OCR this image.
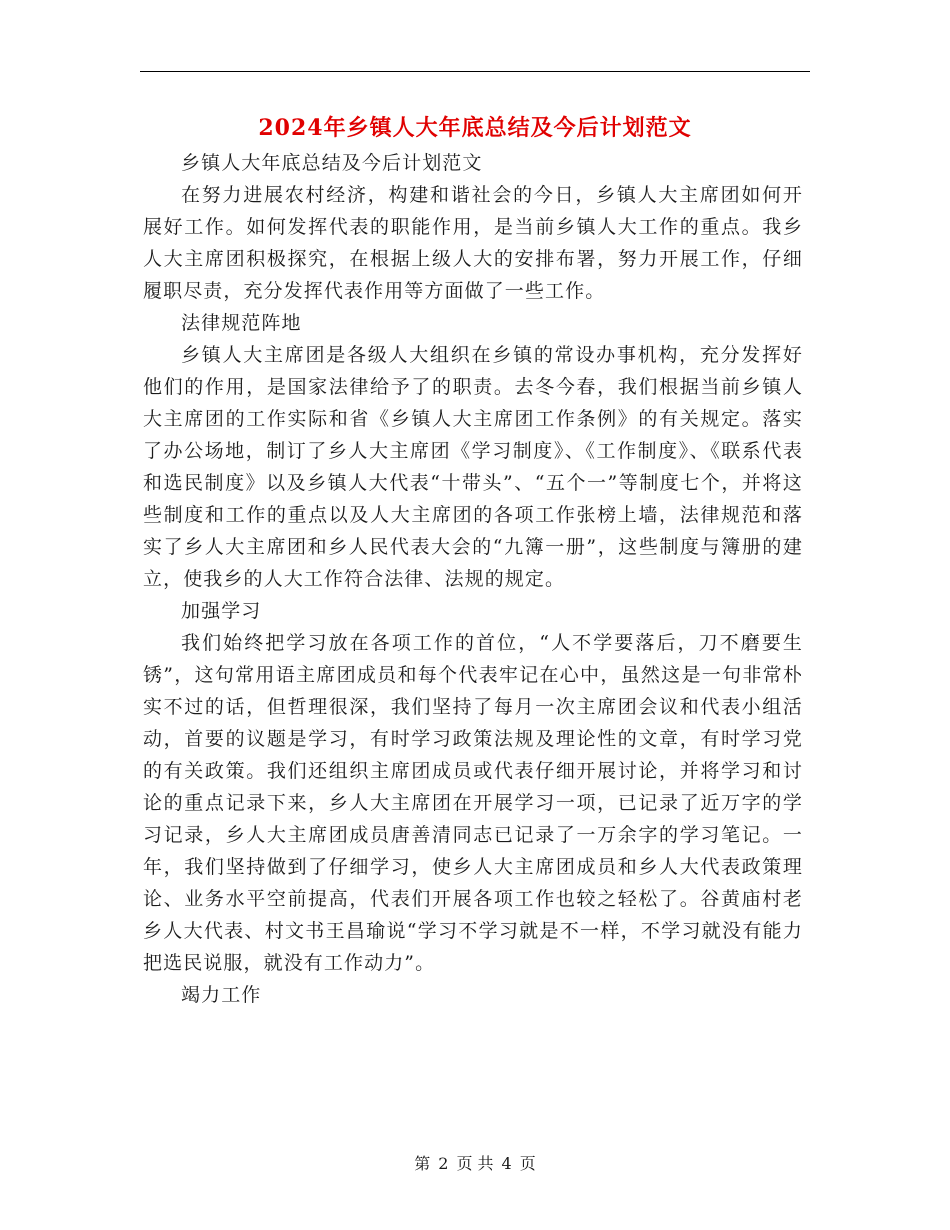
2024年乡镇人大年底总结及今后计划范文

乡镇人大年底总结及今后计划范文

在努力进展农村经济，构建和谐社会的今日，乡镇人大主席团如何开展好工作。如何发挥代表的职能作用，是当前乡镇人大工作的重点。我乡人大主席团积极探究，在根据上级人大的安排布署，努力开展工作，仔细履职尽责，充分发挥代表作用等方面做了一些工作。

法律规范阵地

乡镇人大主席团是各级人大组织在乡镇的常设办事机构，充分发挥好他们的作用，是国家法律给予了的职责。去冬今春，我们根据当前乡镇人大主席团的工作实际和省《乡镇人大主席团工作条例》的有关规定。落实了办公场地，制订了乡人大主席团《学习制度》、《工作制度》、《联系代表和选民制度》以及乡镇人大代表“十带头”、“五个一”等制度七个，并将这些制度和工作的重点以及人大主席团的各项工作张榜上墙，法律规范和落实了乡人大主席团和乡人民代表大会的“九簿一册”，这些制度与簿册的建立，使我乡的人大工作符合法律、法规的规定。

加强学习

我们始终把学习放在各项工作的首位，“人不学要落后，刀不磨要生锈”，这句常用语主席团成员和每个代表牢记在心中，虽然这是一句非常朴实不过的话，但哲理很深，我们坚持了每月一次主席团会议和代表小组活动，首要的议题是学习，有时学习政策法规及理论性的文章，有时学习党的有关政策。我们还组织主席团成员或代表仔细开展讨论，并将学习和讨论的重点记录下来，乡人大主席团在开展学习一项，已记录了近万字的学习记录，乡人大主席团成员唐善清同志已记录了一万余字的学习笔记。一年，我们坚持做到了仔细学习，使乡人大主席团成员和乡人大代表政策理论、业务水平空前提高，代表们开展各项工作也较之轻松了。谷黄庙村老乡人大代表、村文书王昌瑜说“学习不学习就是不一样，不学习就没有能力把选民说服，就没有工作动力”。

竭力工作

第 2 页 共 4 页
